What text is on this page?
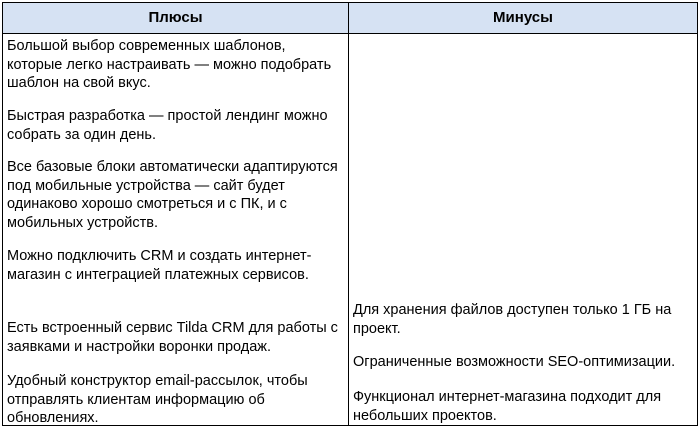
Плюсы	Минусы

Большой выбор современных шаблонов, которые легко настраивать — можно подобрать шаблон на свой вкус.

Быстрая разработка — простой лендинг можно собрать за один день.

Все базовые блоки автоматически адаптируются под мобильные устройства — сайт будет одинаково хорошо смотреться и с ПК, и с мобильных устройств.

Можно подключить CRM и создать интернет-магазин с интеграцией платежных сервисов.

Есть встроенный сервис Tilda CRM для работы с заявками и настройки воронки продаж.

Удобный конструктор email-рассылок, чтобы отправлять клиентам информацию об обновлениях.

Для хранения файлов доступен только 1 ГБ на проект.

Ограниченные возможности SEO-оптимизации.

Функционал интернет-магазина подходит для небольших проектов.
